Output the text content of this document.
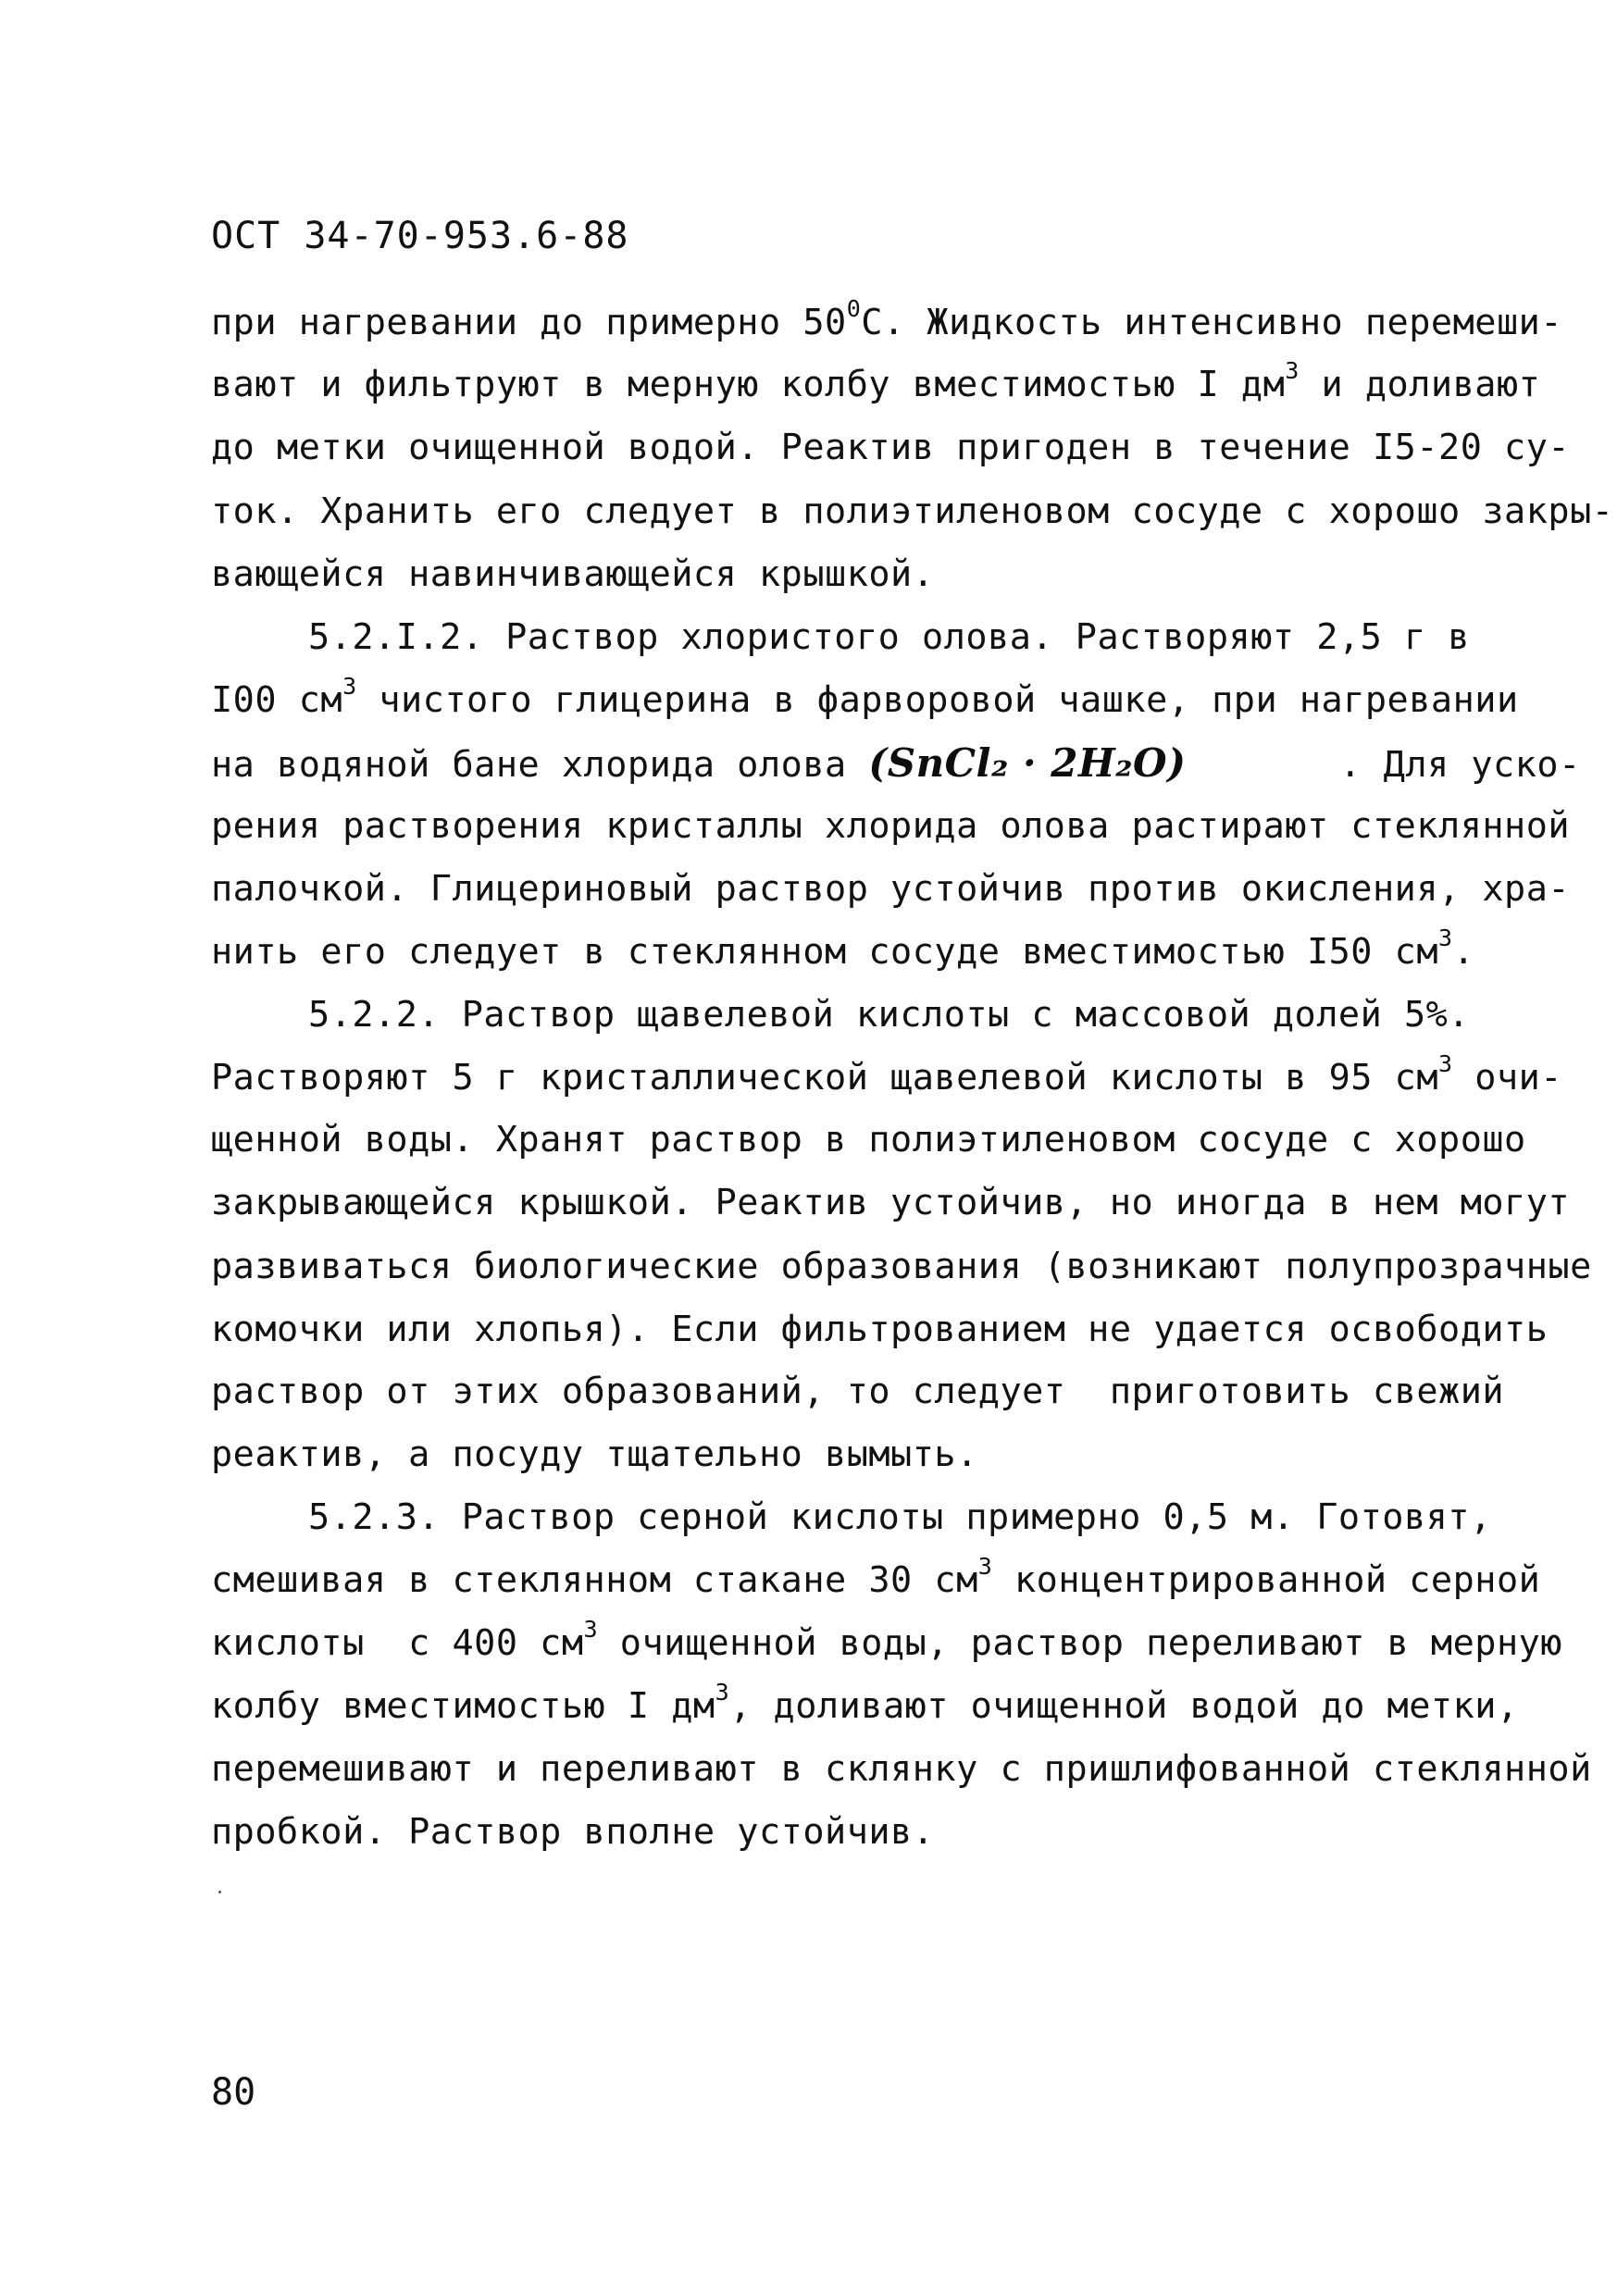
ОСТ 34-70-953.6-88
при нагревании до примерно $50^0С$. Жидкость интенсивно перемеши-
вают и фильтруют в мерную колбу вместимостью I $дм^3$ и доливают
до метки очищенной водой. Реактив пригоден в течение I5-20 су-
ток. Хранить его следует в полиэтиленовом сосуде с хорошо закры-
вающейся навинчивающейся крышкой.
5.2.I.2. Раствор хлористого олова. Растворяют 2,5 г в
I00 $см^3$ чистого глицерина в фарворовой чашке, при нагревании
на водяной бане хлорида олова (SnCl₂ · 2H₂O)       . Для уско-
рения растворения кристаллы хлорида олова растирают стеклянной
палочкой. Глицериновый раствор устойчив против окисления, хра-
нить его следует в стеклянном сосуде вместимостью I50 $см^3$.
5.2.2. Раствор щавелевой кислоты с массовой долей 5%.
Растворяют 5 г кристаллической щавелевой кислоты в 95 $см^3$ очи-
щенной воды. Хранят раствор в полиэтиленовом сосуде с хорошо
закрывающейся крышкой. Реактив устойчив, но иногда в нем могут
развиваться биологические образования (возникают полупрозрачные
комочки или хлопья). Если фильтрованием не удается освободить
раствор от этих образований, то следует  приготовить свежий
реактив, а посуду тщательно вымыть.
5.2.3. Раствор серной кислоты примерно 0,5 м. Готовят,
смешивая в стеклянном стакане 30 $см^3$ концентрированной серной
кислоты  с 400 $см^3$ очищенной воды, раствор переливают в мерную
колбу вместимостью I $дм^3$, доливают очищенной водой до метки,
перемешивают и переливают в склянку с пришлифованной стеклянной
пробкой. Раствор вполне устойчив.
80
